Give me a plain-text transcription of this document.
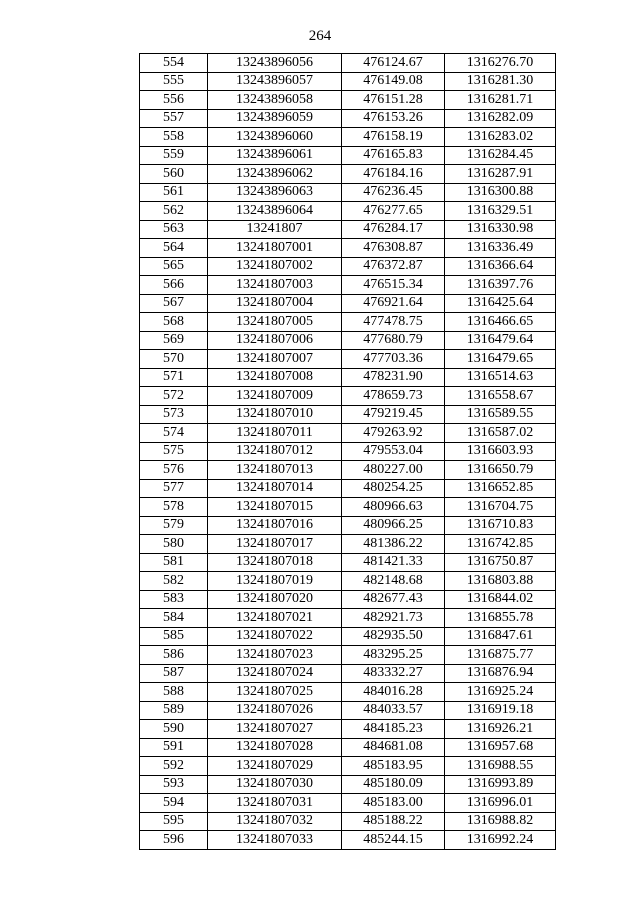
264
554	13243896056	476124.67	1316276.70
555	13243896057	476149.08	1316281.30
556	13243896058	476151.28	1316281.71
557	13243896059	476153.26	1316282.09
558	13243896060	476158.19	1316283.02
559	13243896061	476165.83	1316284.45
560	13243896062	476184.16	1316287.91
561	13243896063	476236.45	1316300.88
562	13243896064	476277.65	1316329.51
563	13241807	476284.17	1316330.98
564	13241807001	476308.87	1316336.49
565	13241807002	476372.87	1316366.64
566	13241807003	476515.34	1316397.76
567	13241807004	476921.64	1316425.64
568	13241807005	477478.75	1316466.65
569	13241807006	477680.79	1316479.64
570	13241807007	477703.36	1316479.65
571	13241807008	478231.90	1316514.63
572	13241807009	478659.73	1316558.67
573	13241807010	479219.45	1316589.55
574	13241807011	479263.92	1316587.02
575	13241807012	479553.04	1316603.93
576	13241807013	480227.00	1316650.79
577	13241807014	480254.25	1316652.85
578	13241807015	480966.63	1316704.75
579	13241807016	480966.25	1316710.83
580	13241807017	481386.22	1316742.85
581	13241807018	481421.33	1316750.87
582	13241807019	482148.68	1316803.88
583	13241807020	482677.43	1316844.02
584	13241807021	482921.73	1316855.78
585	13241807022	482935.50	1316847.61
586	13241807023	483295.25	1316875.77
587	13241807024	483332.27	1316876.94
588	13241807025	484016.28	1316925.24
589	13241807026	484033.57	1316919.18
590	13241807027	484185.23	1316926.21
591	13241807028	484681.08	1316957.68
592	13241807029	485183.95	1316988.55
593	13241807030	485180.09	1316993.89
594	13241807031	485183.00	1316996.01
595	13241807032	485188.22	1316988.82
596	13241807033	485244.15	1316992.24
